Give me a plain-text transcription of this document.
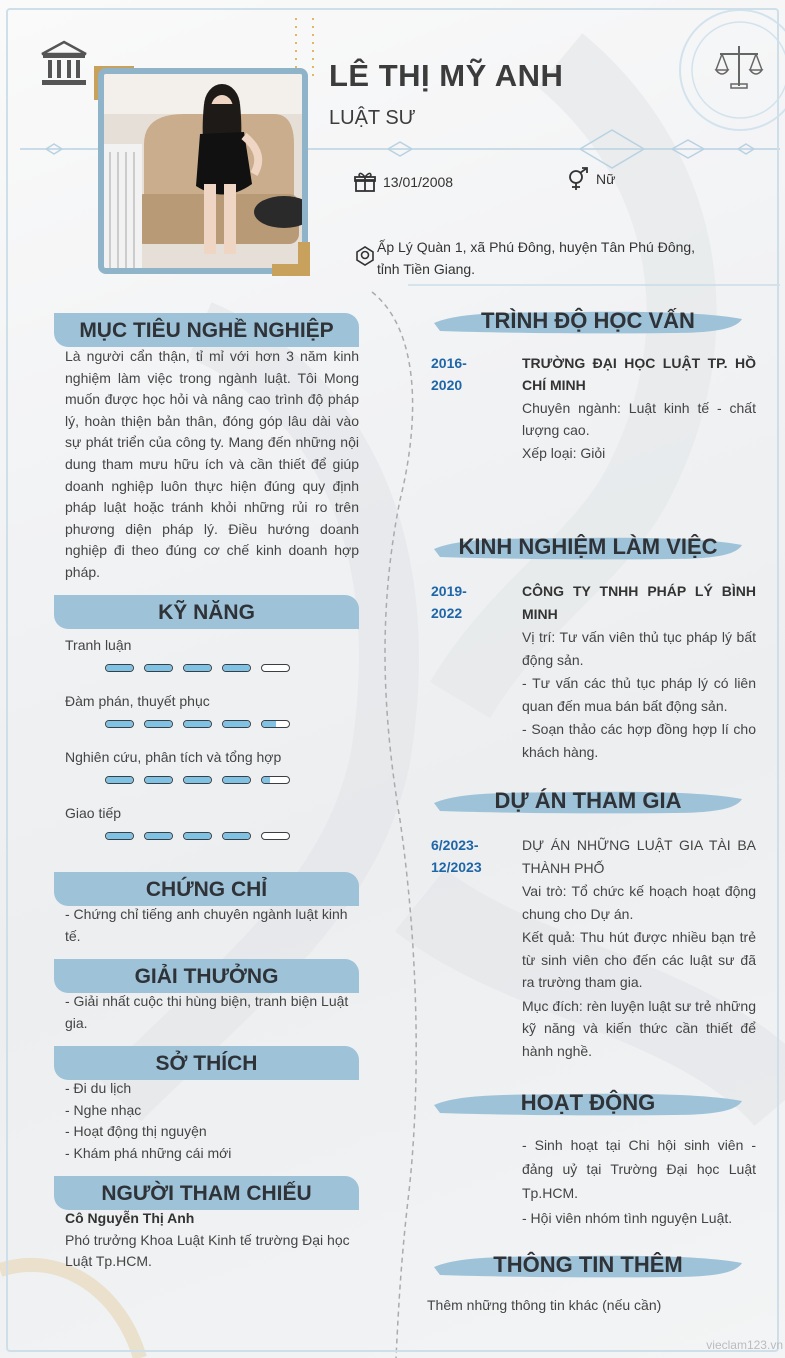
LÊ THỊ MỸ ANH
LUẬT SƯ
13/01/2008	Nữ
Ấp Lý Quàn 1, xã Phú Đông, huyện Tân Phú Đông, tỉnh Tiền Giang.
MỤC TIÊU NGHỀ NGHIỆP
Là người cẩn thận, tỉ mỉ với hơn 3 năm kinh nghiệm làm việc trong ngành luật. Tôi Mong muốn được học hỏi và nâng cao trình độ pháp lý, hoàn thiện bản thân, đóng góp lâu dài vào sự phát triển của công ty. Mang đến những nội dung tham mưu hữu ích và cần thiết để giúp doanh nghiệp luôn thực hiện đúng quy định pháp luật hoặc tránh khỏi những rủi ro trên phương diện pháp lý. Điều hướng doanh nghiệp đi theo đúng cơ chế kinh doanh hợp pháp.
KỸ NĂNG
Tranh luận
Đàm phán, thuyết phục
Nghiên cứu, phân tích và tổng hợp
Giao tiếp
CHỨNG CHỈ
- Chứng chỉ tiếng anh chuyên ngành luật kinh tế.
GIẢI THƯỞNG
- Giải nhất cuộc thi hùng biện, tranh biện Luật gia.
SỞ THÍCH
- Đi du lịch
- Nghe nhạc
- Hoạt động thị nguyện
- Khám phá những cái mới
NGƯỜI THAM CHIẾU
Cô Nguyễn Thị Anh
Phó trưởng Khoa Luật Kinh tế trường Đại học Luật Tp.HCM.
TRÌNH ĐỘ HỌC VẤN
2016-
2020

TRƯỜNG ĐẠI HỌC LUẬT TP. HỒ CHÍ MINH

Chuyên ngành: Luật kinh tế - chất lượng cao.

Xếp loại: Giỏi

KINH NGHIỆM LÀM VIỆC
2019-
2022

CÔNG TY TNHH PHÁP LÝ BÌNH MINH

Vị trí: Tư vấn viên thủ tục pháp lý bất động sản.

- Tư vấn các thủ tục pháp lý có liên quan đến mua bán bất động sản.

- Soạn thảo các hợp đồng hợp lí cho khách hàng.

DỰ ÁN THAM GIA
6/2023-
12/2023

DỰ ÁN NHỮNG LUẬT GIA TÀI BA THÀNH PHỐ

Vai trò: Tổ chức kế hoạch hoạt động chung cho Dự án.

Kết quả: Thu hút được nhiều bạn trẻ từ sinh viên cho đến các luật sư đã ra trường tham gia.

Mục đích: rèn luyện luật sư trẻ những kỹ năng và kiến thức cần thiết để hành nghề.

HOẠT ĐỘNG

- Sinh hoạt tại Chi hội sinh viên - đảng uỷ tại Trường Đại học Luật Tp.HCM.

- Hội viên nhóm tình nguyện Luật.

THÔNG TIN THÊM
Thêm những thông tin khác (nếu cần)
vieclam123.vn
